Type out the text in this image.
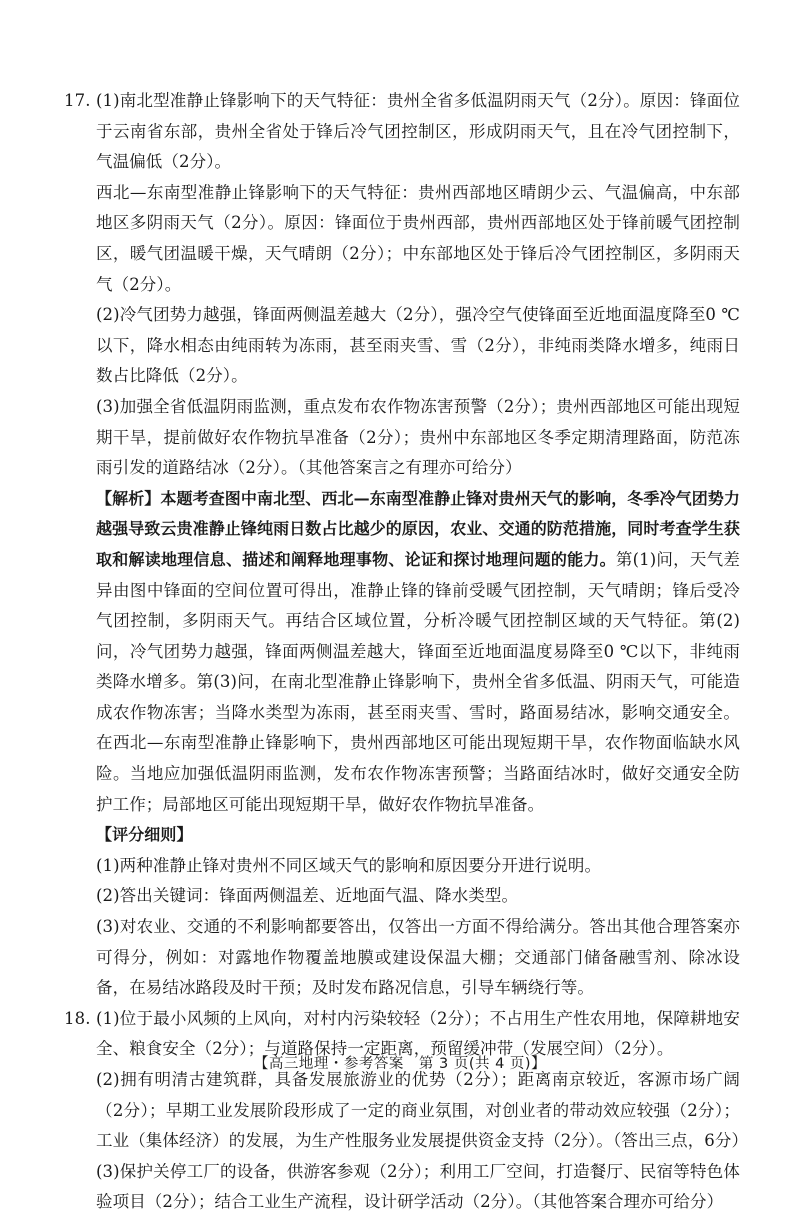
17. (1)南北型准静止锋影响下的天气特征：贵州全省多低温阴雨天气（2分）。原因：锋面位于云南省东部，贵州全省处于锋后冷气团控制区，形成阴雨天气，且在冷气团控制下，气温偏低（2分）。

西北—东南型准静止锋影响下的天气特征：贵州西部地区晴朗少云、气温偏高，中东部地区多阴雨天气（2分）。原因：锋面位于贵州西部，贵州西部地区处于锋前暖气团控制区，暖气团温暖干燥，天气晴朗（2分）；中东部地区处于锋后冷气团控制区，多阴雨天气（2分）。

(2)冷气团势力越强，锋面两侧温差越大（2分），强冷空气使锋面至近地面温度降至0 ℃以下，降水相态由纯雨转为冻雨，甚至雨夹雪、雪（2分），非纯雨类降水增多，纯雨日数占比降低（2分）。

(3)加强全省低温阴雨监测，重点发布农作物冻害预警（2分）；贵州西部地区可能出现短期干旱，提前做好农作物抗旱准备（2分）；贵州中东部地区冬季定期清理路面，防范冻雨引发的道路结冰（2分）。（其他答案言之有理亦可给分）

【解析】本题考查图中南北型、西北—东南型准静止锋对贵州天气的影响，冬季冷气团势力越强导致云贵准静止锋纯雨日数占比越少的原因，农业、交通的防范措施，同时考查学生获取和解读地理信息、描述和阐释地理事物、论证和探讨地理问题的能力。第(1)问，天气差异由图中锋面的空间位置可得出，准静止锋的锋前受暖气团控制，天气晴朗；锋后受冷气团控制，多阴雨天气。再结合区域位置，分析冷暖气团控制区域的天气特征。第(2)问，冷气团势力越强，锋面两侧温差越大，锋面至近地面温度易降至0 ℃以下，非纯雨类降水增多。第(3)问，在南北型准静止锋影响下，贵州全省多低温、阴雨天气，可能造成农作物冻害；当降水类型为冻雨，甚至雨夹雪、雪时，路面易结冰，影响交通安全。在西北—东南型准静止锋影响下，贵州西部地区可能出现短期干旱，农作物面临缺水风险。当地应加强低温阴雨监测，发布农作物冻害预警；当路面结冰时，做好交通安全防护工作；局部地区可能出现短期干旱，做好农作物抗旱准备。

【评分细则】

(1)两种准静止锋对贵州不同区域天气的影响和原因要分开进行说明。

(2)答出关键词：锋面两侧温差、近地面气温、降水类型。

(3)对农业、交通的不利影响都要答出，仅答出一方面不得给满分。答出其他合理答案亦可得分，例如：对露地作物覆盖地膜或建设保温大棚；交通部门储备融雪剂、除冰设备，在易结冰路段及时干预；及时发布路况信息，引导车辆绕行等。

18. (1)位于最小风频的上风向，对村内污染较轻（2分）；不占用生产性农用地，保障耕地安全、粮食安全（2分）；与道路保持一定距离，预留缓冲带（发展空间）（2分）。

(2)拥有明清古建筑群，具备发展旅游业的优势（2分）；距离南京较近，客源市场广阔（2分）；早期工业发展阶段形成了一定的商业氛围，对创业者的带动效应较强（2分）；工业（集体经济）的发展，为生产性服务业发展提供资金支持（2分）。（答出三点，6分）

(3)保护关停工厂的设备，供游客参观（2分）；利用工厂空间，打造餐厅、民宿等特色体验项目（2分）；结合工业生产流程，设计研学活动（2分）。（其他答案合理亦可给分）

【高三地理・参考答案　第 3 页(共 4 页)】
